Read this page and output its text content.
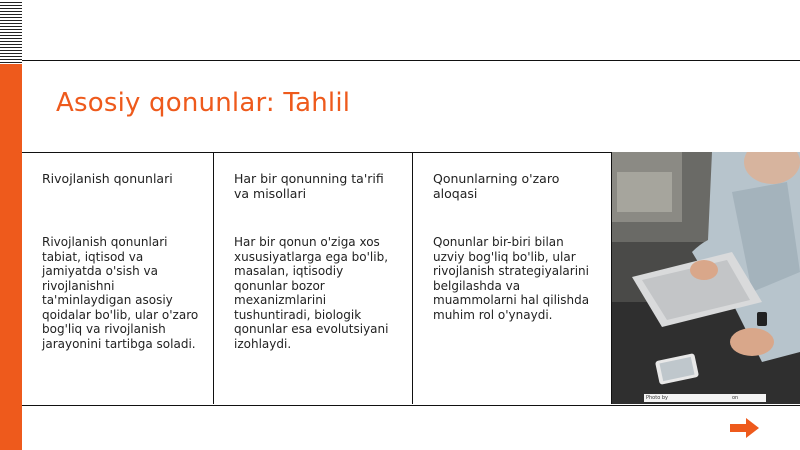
Asosiy qonunlar: Tahlil
Rivojlanish qonunlari
Rivojlanish qonunlari tabiat, iqtisod va jamiyatda o'sish va rivojlanishni ta'minlaydigan asosiy qoidalar bo'lib, ular o'zaro bog'liq va rivojlanish jarayonini tartibga soladi.
Har bir qonunning ta'rifi va misollari
Har bir qonun o'ziga xos xususiyatlarga ega bo'lib, masalan, iqtisodiy qonunlar bozor mexanizmlarini tushuntiradi, biologik qonunlar esa evolutsiyani izohlaydi.
Qonunlarning o'zaro aloqasi
Qonunlar bir-biri bilan uzviy bog'liq bo'lib, ular rivojlanish strategiyalarini belgilashda va muammolarni hal qilishda muhim rol o'ynaydi.
Photo by	on
